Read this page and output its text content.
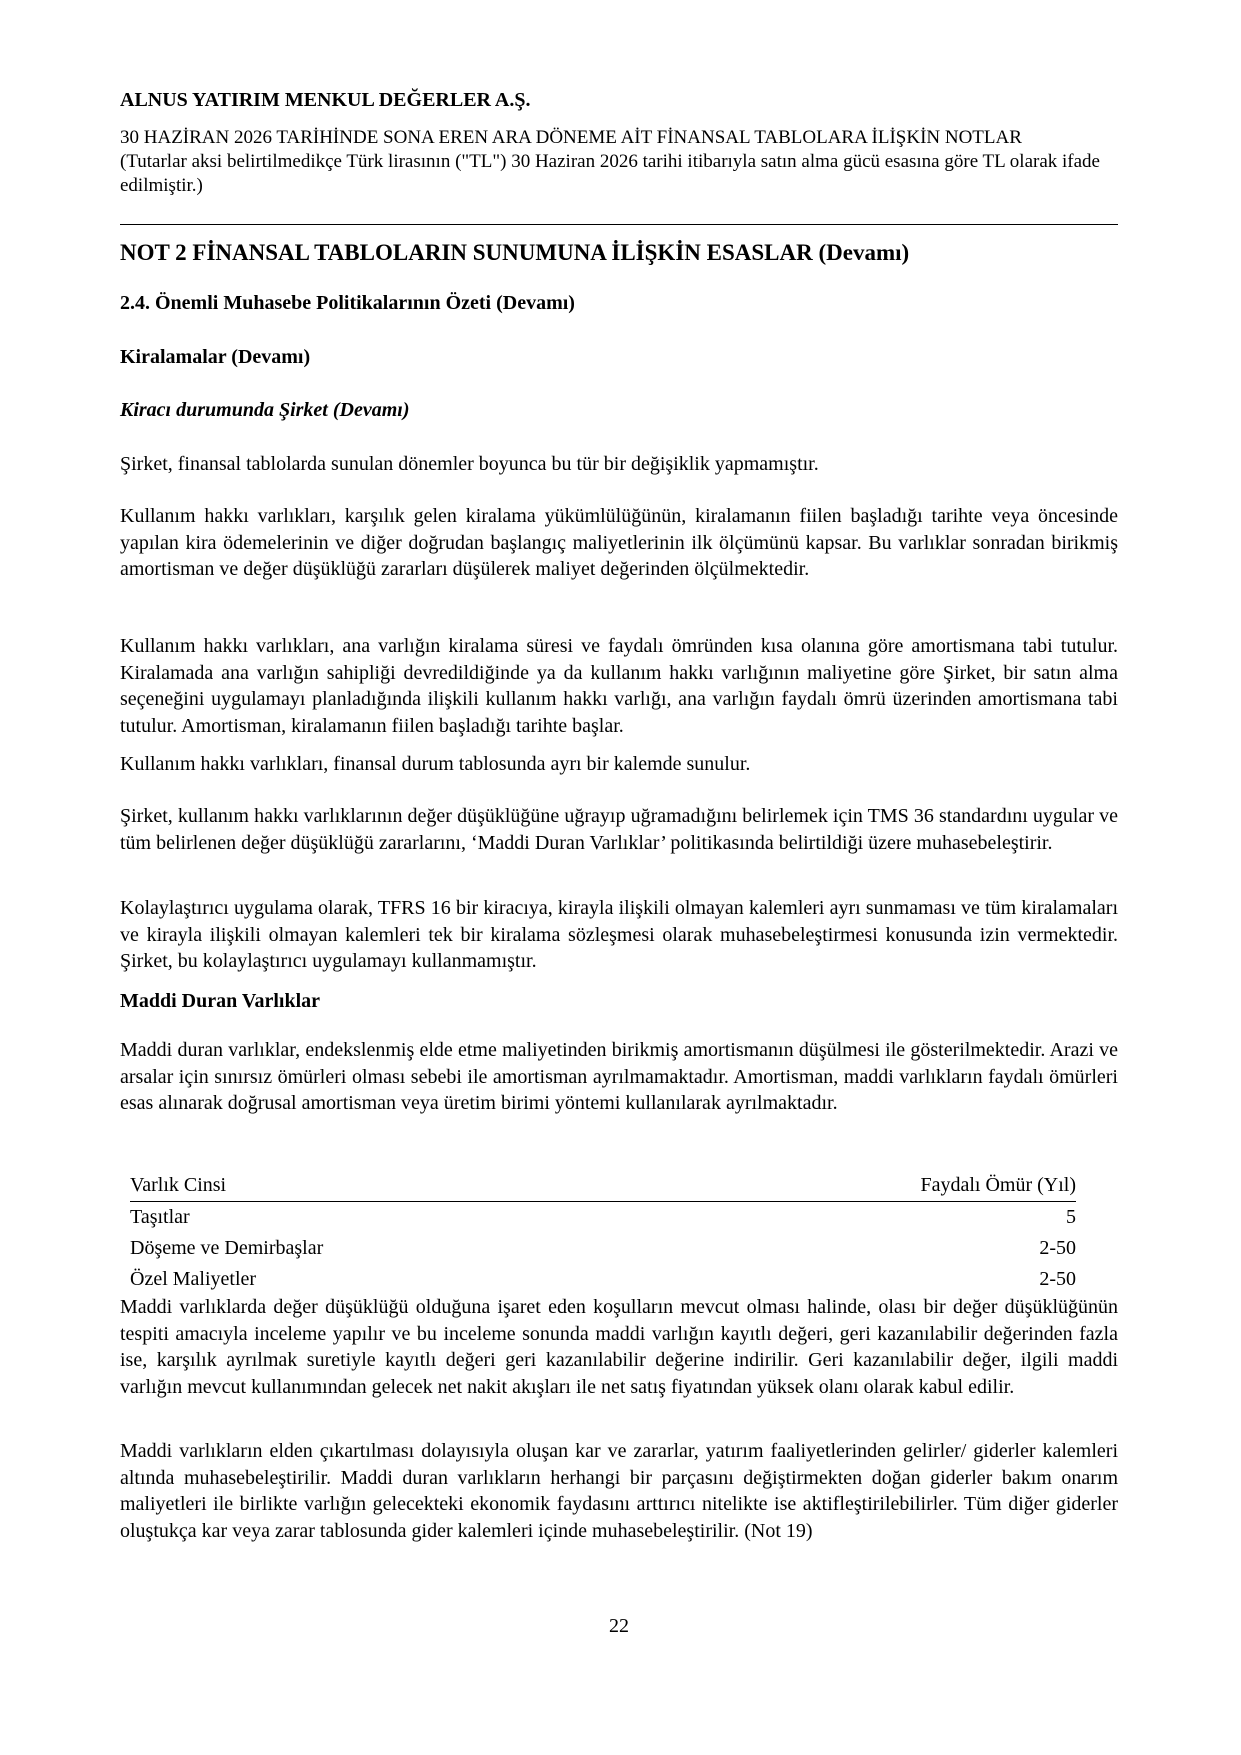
ALNUS YATIRIM MENKUL DEĞERLER A.Ş.
30 HAZİRAN 2026 TARİHİNDE SONA EREN ARA DÖNEME AİT FİNANSAL TABLOLARA İLİŞKİN NOTLAR
(Tutarlar aksi belirtilmedikçe Türk lirasının ("TL") 30 Haziran 2026 tarihi itibarıyla satın alma gücü esasına göre TL olarak ifade edilmiştir.)
NOT 2 FİNANSAL TABLOLARIN SUNUMUNA İLİŞKİN ESASLAR (Devamı)
2.4. Önemli Muhasebe Politikalarının Özeti (Devamı)
Kiralamalar (Devamı)
Kiracı durumunda Şirket (Devamı)
Şirket, finansal tablolarda sunulan dönemler boyunca bu tür bir değişiklik yapmamıştır.
Kullanım hakkı varlıkları, karşılık gelen kiralama yükümlülüğünün, kiralamanın fiilen başladığı tarihte veya öncesinde yapılan kira ödemelerinin ve diğer doğrudan başlangıç maliyetlerinin ilk ölçümünü kapsar. Bu varlıklar sonradan birikmiş amortisman ve değer düşüklüğü zararları düşülerek maliyet değerinden ölçülmektedir.
Kullanım hakkı varlıkları, ana varlığın kiralama süresi ve faydalı ömründen kısa olanına göre amortismana tabi tutulur. Kiralamada ana varlığın sahipliği devredildiğinde ya da kullanım hakkı varlığının maliyetine göre Şirket, bir satın alma seçeneğini uygulamayı planladığında ilişkili kullanım hakkı varlığı, ana varlığın faydalı ömrü üzerinden amortismana tabi tutulur. Amortisman, kiralamanın fiilen başladığı tarihte başlar.
Kullanım hakkı varlıkları, finansal durum tablosunda ayrı bir kalemde sunulur.
Şirket, kullanım hakkı varlıklarının değer düşüklüğüne uğrayıp uğramadığını belirlemek için TMS 36 standardını uygular ve tüm belirlenen değer düşüklüğü zararlarını, ‘Maddi Duran Varlıklar’ politikasında belirtildiği üzere muhasebeleştirir.
Kolaylaştırıcı uygulama olarak, TFRS 16 bir kiracıya, kirayla ilişkili olmayan kalemleri ayrı sunmaması ve tüm kiralamaları ve kirayla ilişkili olmayan kalemleri tek bir kiralama sözleşmesi olarak muhasebeleştirmesi konusunda izin vermektedir. Şirket, bu kolaylaştırıcı uygulamayı kullanmamıştır.
Maddi Duran Varlıklar
Maddi duran varlıklar, endekslenmiş elde etme maliyetinden birikmiş amortismanın düşülmesi ile gösterilmektedir. Arazi ve arsalar için sınırsız ömürleri olması sebebi ile amortisman ayrılmamaktadır. Amortisman, maddi varlıkların faydalı ömürleri esas alınarak doğrusal amortisman veya üretim birimi yöntemi kullanılarak ayrılmaktadır.
Varlık Cinsi	Faydalı Ömür (Yıl)
Taşıtlar	5
Döşeme ve Demirbaşlar	2-50
Özel Maliyetler	2-50
Maddi varlıklarda değer düşüklüğü olduğuna işaret eden koşulların mevcut olması halinde, olası bir değer düşüklüğünün tespiti amacıyla inceleme yapılır ve bu inceleme sonunda maddi varlığın kayıtlı değeri, geri kazanılabilir değerinden fazla ise, karşılık ayrılmak suretiyle kayıtlı değeri geri kazanılabilir değerine indirilir. Geri kazanılabilir değer, ilgili maddi varlığın mevcut kullanımından gelecek net nakit akışları ile net satış fiyatından yüksek olanı olarak kabul edilir.
Maddi varlıkların elden çıkartılması dolayısıyla oluşan kar ve zararlar, yatırım faaliyetlerinden gelirler/ giderler kalemleri altında muhasebeleştirilir. Maddi duran varlıkların herhangi bir parçasını değiştirmekten doğan giderler bakım onarım maliyetleri ile birlikte varlığın gelecekteki ekonomik faydasını arttırıcı nitelikte ise aktifleştirilebilirler. Tüm diğer giderler oluştukça kar veya zarar tablosunda gider kalemleri içinde muhasebeleştirilir. (Not 19)
22
